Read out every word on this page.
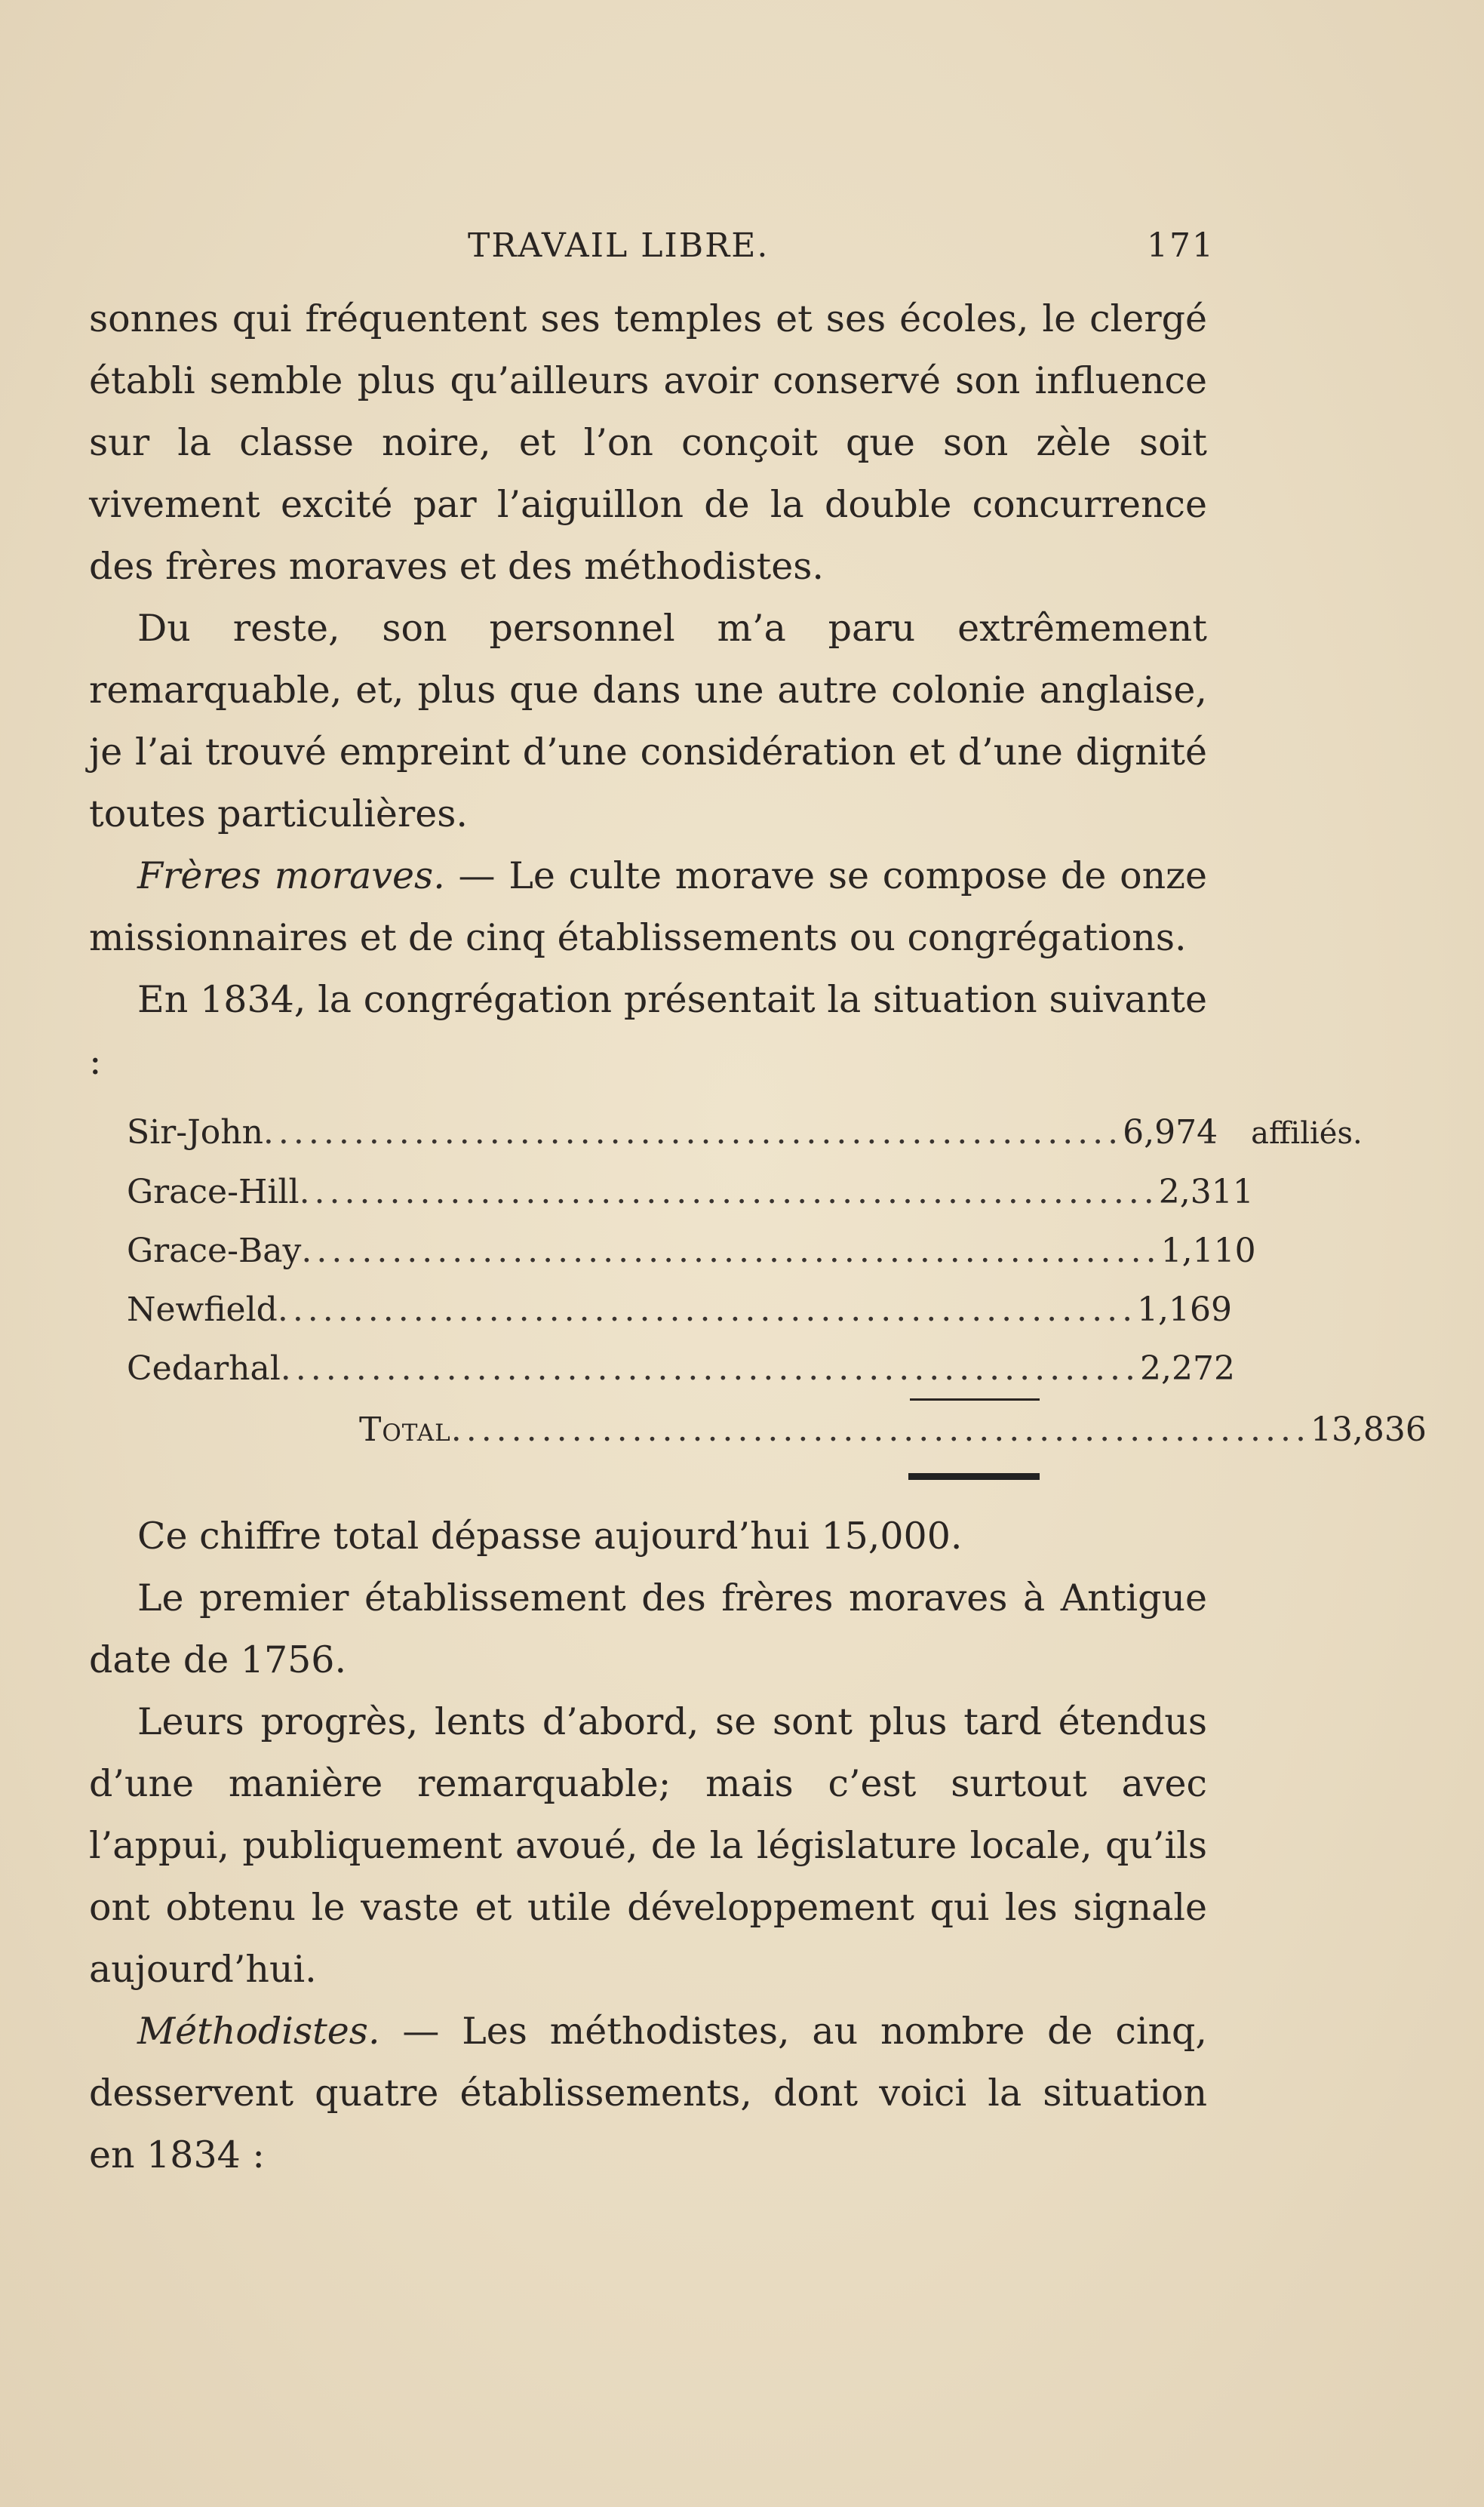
TRAVAIL LIBRE.	171

sonnes qui fréquentent ses temples et ses écoles, le clergé établi semble plus qu’ailleurs avoir conservé son influence sur la classe noire, et l’on conçoit que son zèle soit vivement excité par l’aiguillon de la double concurrence des frères moraves et des méthodistes.

Du reste, son personnel m’a paru extrêmement remarquable, et, plus que dans une autre colonie anglaise, je l’ai trouvé empreint d’une considération et d’une dignité toutes particulières.

Frères moraves. — Le culte morave se compose de onze missionnaires et de cinq établissements ou congrégations.

En 1834, la congrégation présentait la situation suivante :

Sir-John ......................................................... 6,974	affiliés.
Grace-Hill ......................................................... 2,311
Grace-Bay ......................................................... 1,110
Newfield ......................................................... 1,169
Cedarhal ......................................................... 2,272
Total ......................................................... 13,836

Ce chiffre total dépasse aujourd’hui 15,000.

Le premier établissement des frères moraves à Antigue date de 1756.

Leurs progrès, lents d’abord, se sont plus tard étendus d’une manière remarquable; mais c’est surtout avec l’appui, publiquement avoué, de la législature locale, qu’ils ont obtenu le vaste et utile développement qui les signale aujourd’hui.

Méthodistes. — Les méthodistes, au nombre de cinq, desservent quatre établissements, dont voici la situation en 1834 :
